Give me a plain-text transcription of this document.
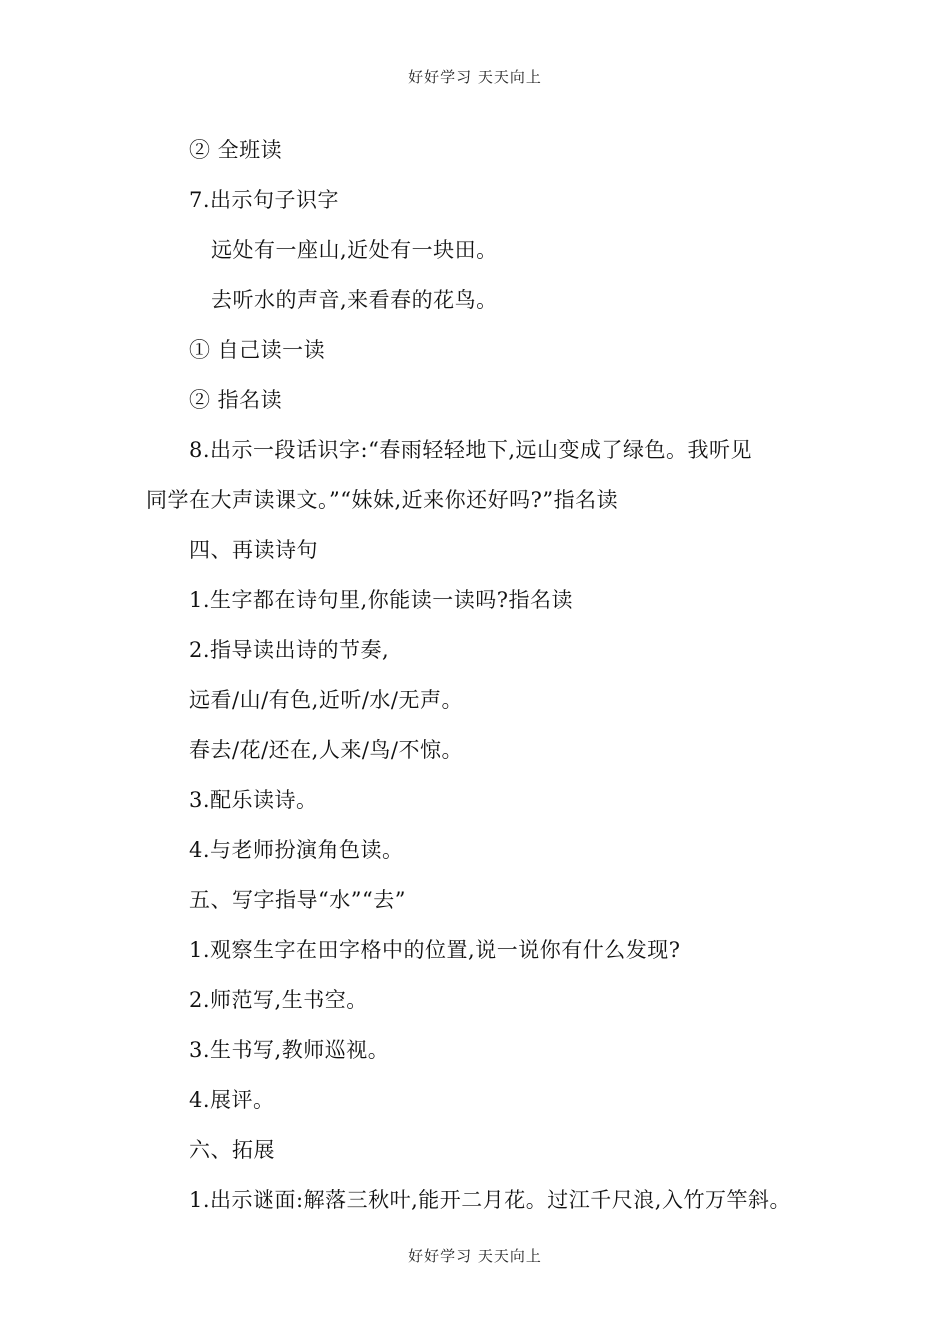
好好学习 天天向上
② 全班读
7.出示句子识字
远处有一座山,近处有一块田。
去听水的声音,来看春的花鸟。
① 自己读一读
② 指名读
8.出示一段话识字:“春雨轻轻地下,远山变成了绿色。我听见
同学在大声读课文。”“妹妹,近来你还好吗?”指名读
四、再读诗句
1.生字都在诗句里,你能读一读吗?指名读
2.指导读出诗的节奏,
远看/山/有色,近听/水/无声。
春去/花/还在,人来/鸟/不惊。
3.配乐读诗。
4.与老师扮演角色读。
五、写字指导“水”“去”
1.观察生字在田字格中的位置,说一说你有什么发现?
2.师范写,生书空。
3.生书写,教师巡视。
4.展评。
六、拓展
1.出示谜面:解落三秋叶,能开二月花。过江千尺浪,入竹万竿斜。
好好学习 天天向上
